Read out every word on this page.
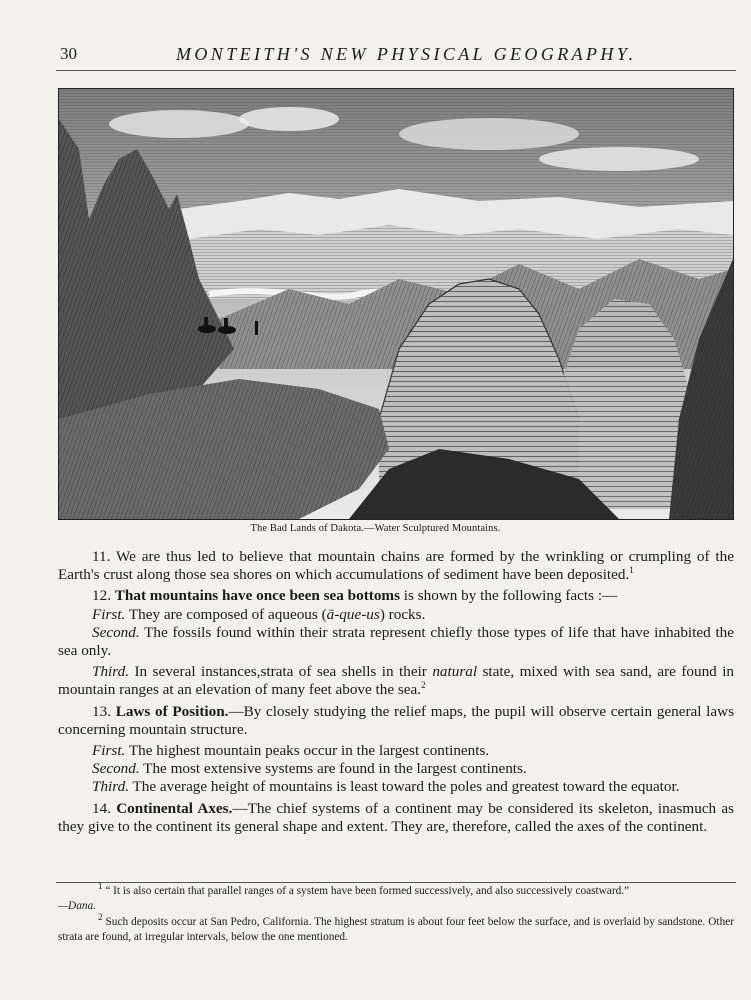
30	MONTEITH'S NEW PHYSICAL GEOGRAPHY.
The Bad Lands of Dakota.—Water Sculptured Mountains.

11. We are thus led to believe that mountain chains are formed by the wrinkling or crumpling of the Earth's crust along those sea shores on which accumulations of sediment have been deposited.$^1$

12. That mountains have once been sea bottoms is shown by the following facts :—

First. They are composed of aqueous (ā-que-us) rocks.

Second. The fossils found within their strata represent chiefly those types of life that have inhabited the sea only.

Third. In several instances,strata of sea shells in their natural state, mixed with sea sand, are found in mountain ranges at an elevation of many feet above the sea.$^2$

13. Laws of Position.—By closely studying the relief maps, the pupil will observe certain general laws concerning mountain structure.

First. The highest mountain peaks occur in the largest continents.

Second. The most extensive systems are found in the largest continents.

Third. The average height of mountains is least toward the poles and greatest toward the equator.

14. Continental Axes.—The chief systems of a continent may be considered its skeleton, inasmuch as they give to the continent its general shape and extent. They are, therefore, called the axes of the continent.

$^1$ “ It is also certain that parallel ranges of a system have been formed successively, and also successively coastward.”

—Dana.

$^2$ Such deposits occur at San Pedro, California. The highest stratum is about four feet below the surface, and is overlaid by sandstone. Other strata are found, at irregular intervals, below the one mentioned.
